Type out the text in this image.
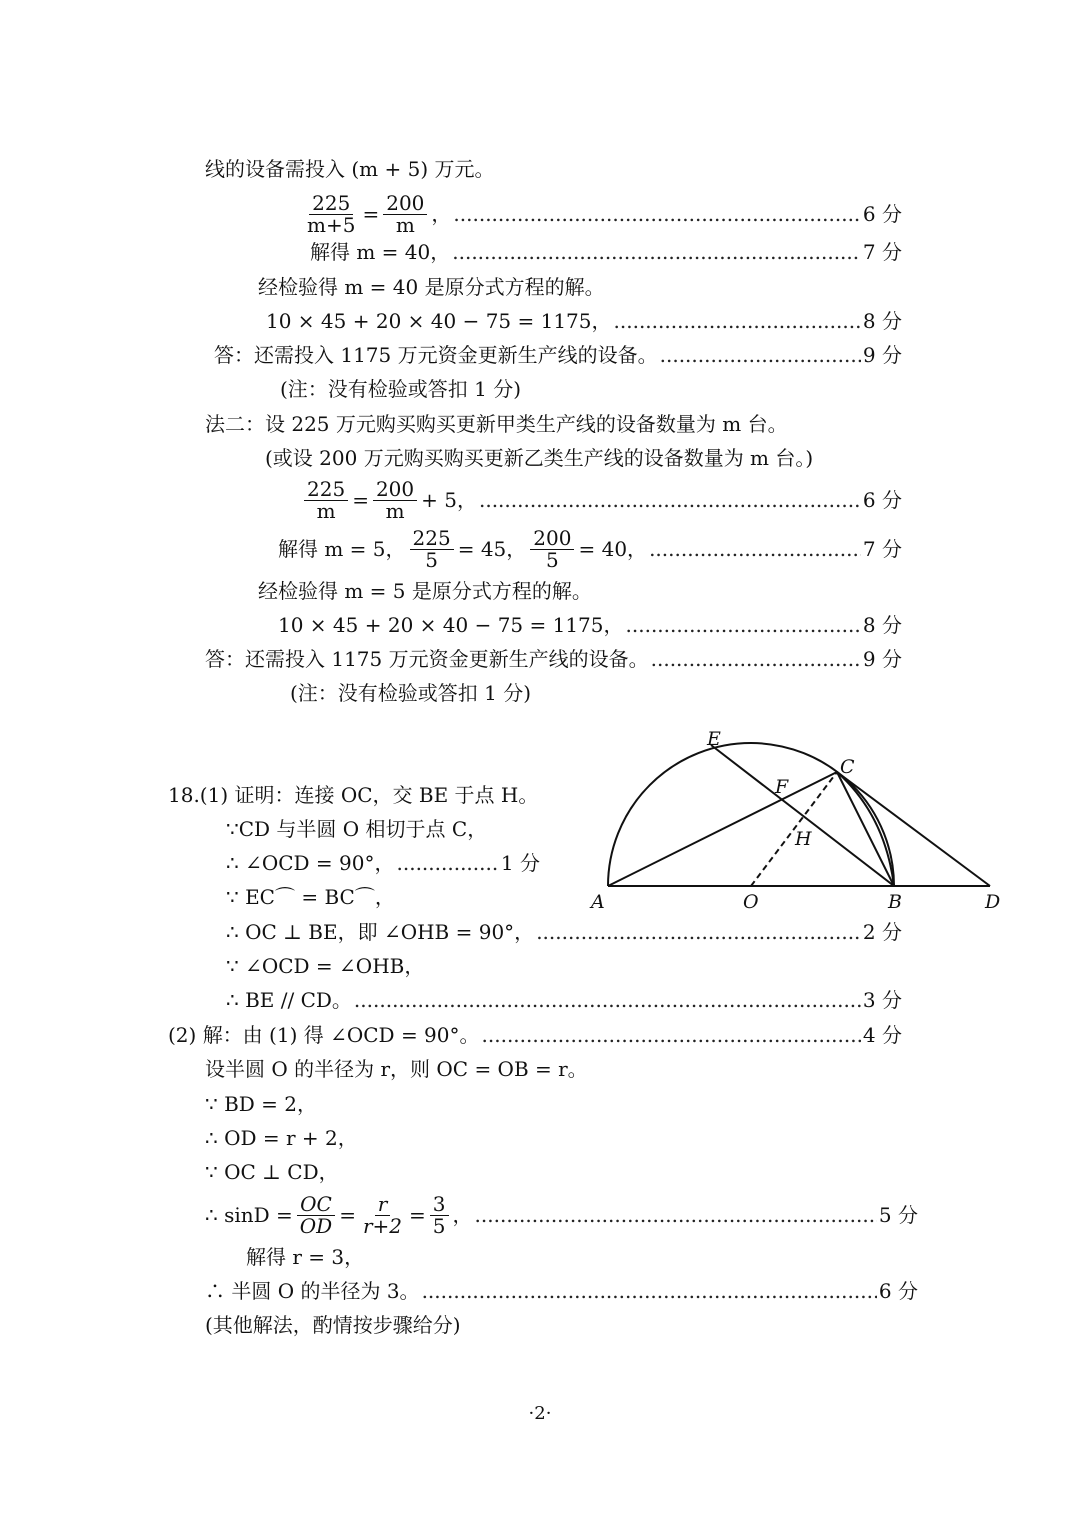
线的设备需投入 (m + 5) 万元。
$\frac{225}{m+5} = \frac{200}{m}$ ， .....	6 分
解得 m = 40， .....	7 分
经检验得 m = 40 是原分式方程的解。
10 × 45 + 20 × 40 − 75 = 1175， .....	8 分
答：还需投入 1175 万元资金更新生产线的设备。 .....	9 分
(注：没有检验或答扣 1 分)
法二：设 225 万元购买购买更新甲类生产线的设备数量为 m 台。
(或设 200 万元购买购买更新乙类生产线的设备数量为 m 台。)
$\frac{225}{m} = \frac{200}{m} + 5$， .....	6 分
解得 m = 5， $\frac{225}{5} = 45$， $\frac{200}{5} = 40$， .....	7 分
经检验得 m = 5 是原分式方程的解。
10 × 45 + 20 × 40 − 75 = 1175， .....	8 分
答：还需投入 1175 万元资金更新生产线的设备。 .....	9 分
(注：没有检验或答扣 1 分)
A	O	B	D
C
E
F
H
18.(1) 证明：连接 OC，交 BE 于点 H。
∵CD 与半圆 O 相切于点 C，
∴ ∠OCD = 90°， .....	1 分
∵ EC⌒ = BC⌒，
∴ OC ⊥ BE，即 ∠OHB = 90°， .....	2 分
∵ ∠OCD = ∠OHB，
∴ BE // CD。 .....	3 分
(2) 解：由 (1) 得 ∠OCD = 90°。 .....	4 分
设半圆 O 的半径为 r，则 OC = OB = r。
∵ BD = 2，
∴ OD = r + 2，
∵ OC ⊥ CD，
∴ $\sin D = \frac{OC}{OD} = \frac{r}{r+2} = \frac{3}{5}$ ， .....	5 分
解得 r = 3，
∴ 半圆 O 的半径为 3。 .....	6 分
(其他解法，酌情按步骤给分)
·2·
